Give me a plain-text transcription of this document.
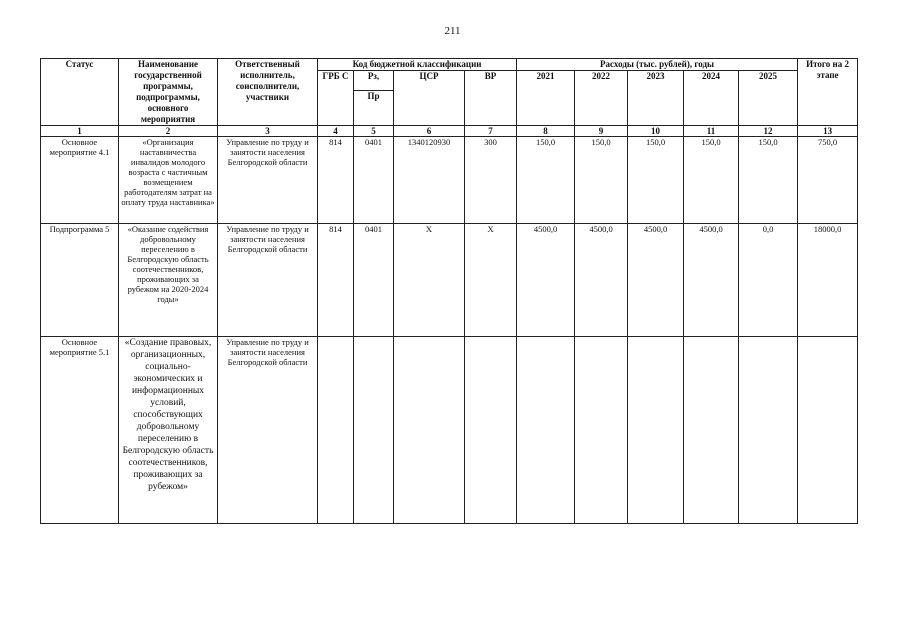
211
Статус	Наименование государственной программы, подпрограммы, основного мероприятия	Ответственный исполнитель, соисполнители, участники	Код бюджетной классификации				Расходы (тыс. рублей), годы					Итого на 2 этапе
			ГРБ С	Рз,	ЦСР	ВР	2021	2022	2023	2024	2025	
				Пр								
1	2	3	4	5	6	7	8	9	10	11	12	13
Основное мероприятие 4.1	«Организация наставничества инвалидов молодого возраста с частичным возмещением работодателям затрат на оплату труда наставника»	Управление по труду и занятости населения Белгородской области	814	0401	1340120930	300	150,0	150,0	150,0	150,0	150,0	750,0
Подпрограмма 5	«Оказание содействия добровольному переселению в Белгородскую область соотечественников, проживающих за рубежом на 2020-2024 годы»	Управление по труду и занятости населения Белгородской области	814	0401	Х	Х	4500,0	4500,0	4500,0	4500,0	0,0	18000,0
Основное мероприятие 5.1	«Создание правовых, организационных, социально-экономических и информационных условий, способствующих добровольному переселению в Белгородскую область соотечественников, проживающих за рубежом»	Управление по труду и занятости населения Белгородской области										
